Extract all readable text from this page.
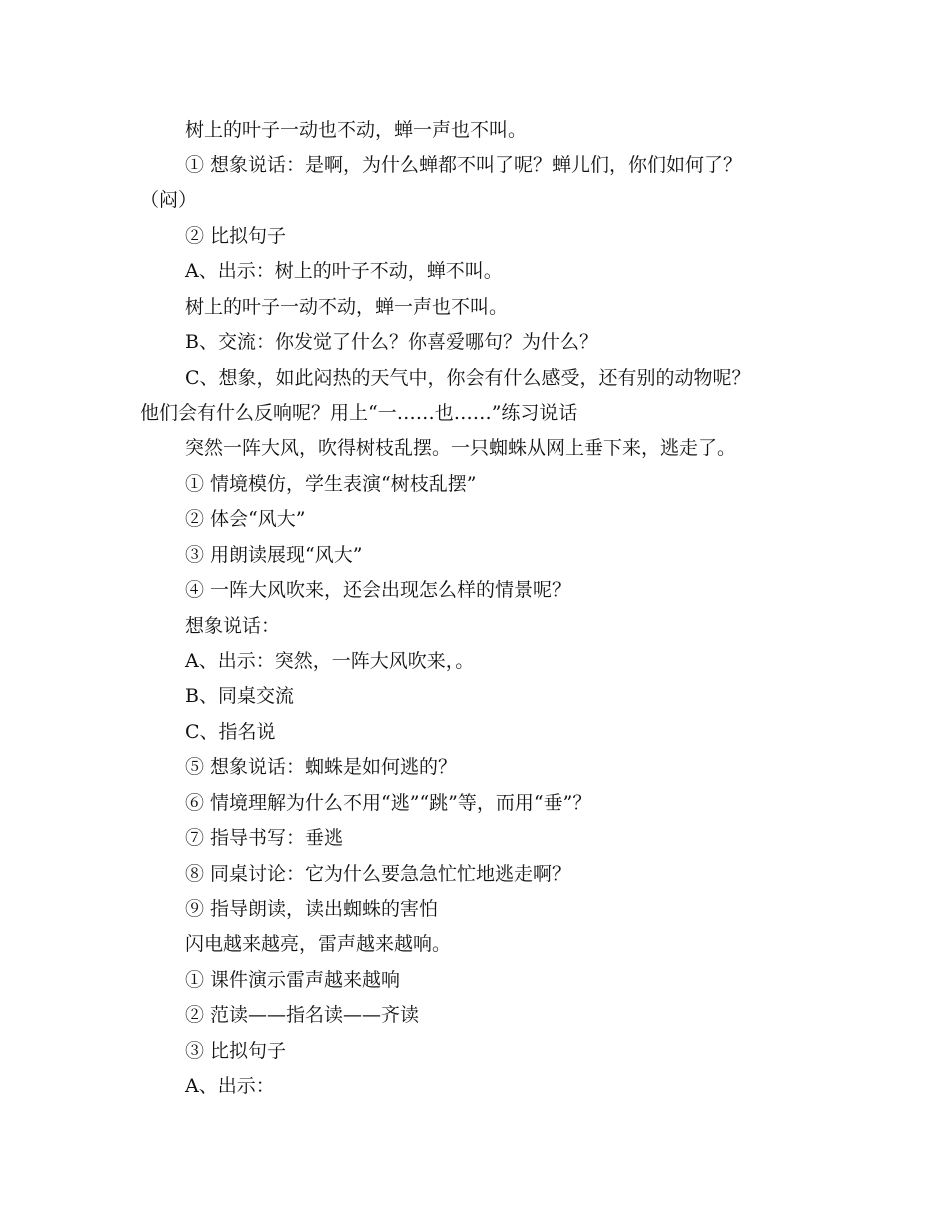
树上的叶子一动也不动，蝉一声也不叫。
① 想象说话：是啊，为什么蝉都不叫了呢？蝉儿们，你们如何了？
（闷）
② 比拟句子
A、出示：树上的叶子不动，蝉不叫。
树上的叶子一动不动，蝉一声也不叫。
B、交流：你发觉了什么？你喜爱哪句？为什么？
C、想象，如此闷热的天气中，你会有什么感受，还有别的动物呢？
他们会有什么反响呢？用上“一……也……”练习说话
突然一阵大风，吹得树枝乱摆。一只蜘蛛从网上垂下来，逃走了。
① 情境模仿，学生表演“树枝乱摆”
② 体会“风大”
③ 用朗读展现“风大”
④ 一阵大风吹来，还会出现怎么样的情景呢？
想象说话：
A、出示：突然，一阵大风吹来，。
B、同桌交流
C、指名说
⑤ 想象说话：蜘蛛是如何逃的？
⑥ 情境理解为什么不用“逃”“跳”等，而用“垂”？
⑦ 指导书写：垂逃
⑧ 同桌讨论：它为什么要急急忙忙地逃走啊？
⑨ 指导朗读，读出蜘蛛的害怕
闪电越来越亮，雷声越来越响。
① 课件演示雷声越来越响
② 范读——指名读——齐读
③ 比拟句子
A、出示：
